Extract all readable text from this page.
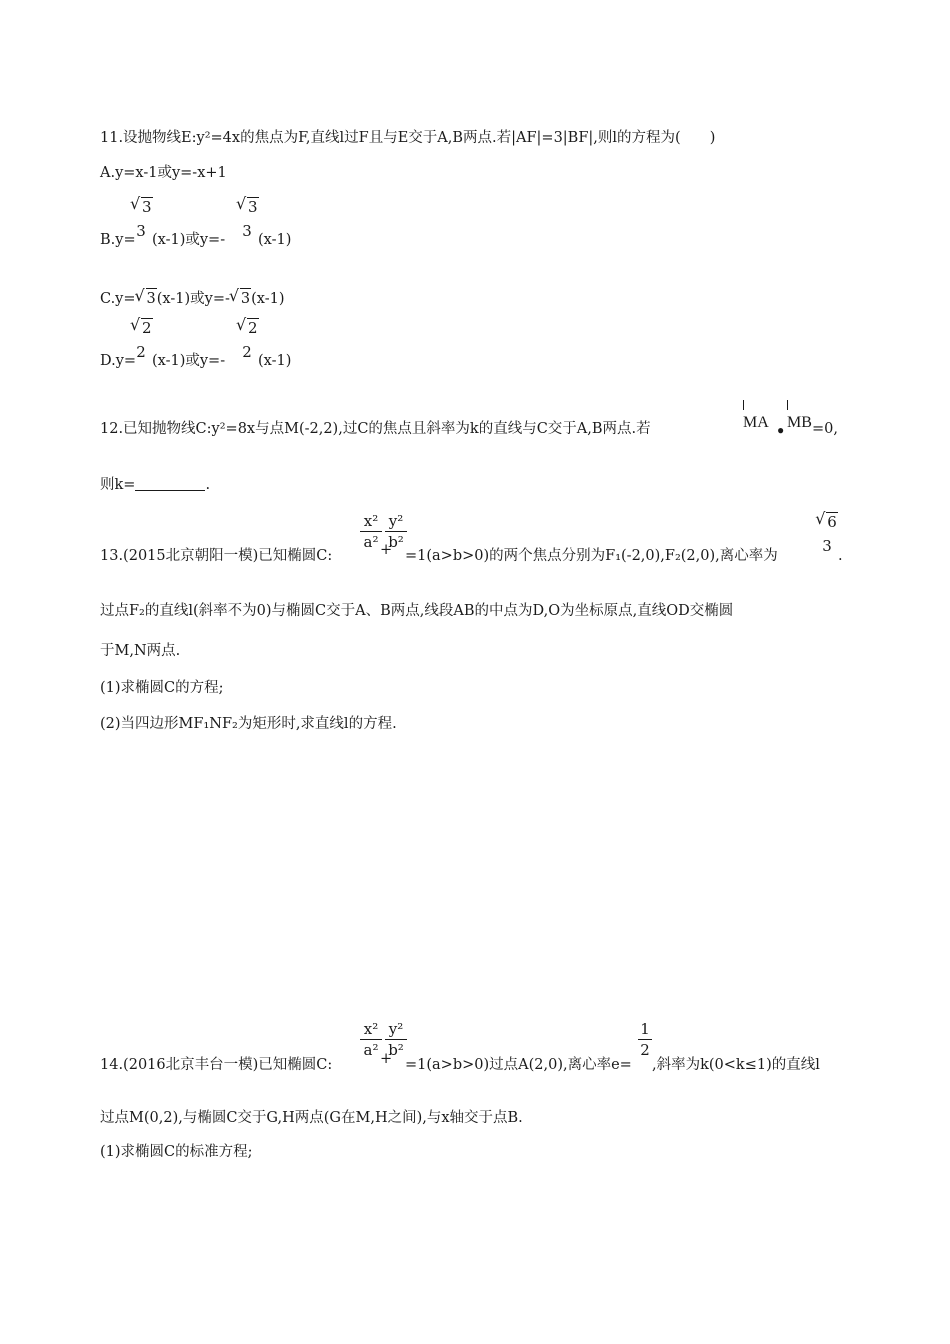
11.设抛物线E:y²=4x的焦点为F,直线l过F且与E交于A,B两点.若|AF|=3|BF|,则l的方程为(　　)
A.y=x-1或y=-x+1
B.y=
√ 3
3 (x-1)或y=-
√ 3
3 (x-1)
C.y= √ 3(x-1)或y=- √ 3(x-1)
D.y=
√ 2
2 (x-1)或y=-
√ 2
2 (x-1)
12.已知抛物线C:y²=8x与点M(-2,2),过C的焦点且斜率为k的直线与C交于A,B两点.若	MA
•
MB =0,
则k=	.
13.(2015北京朝阳一模)已知椭圆C:
x²
a² +
y²
b²
=1(a>b>0)的两个焦点分别为F₁(-2,0),F₂(2,0),离心率为
√ 6
3
.
过点F₂的直线l(斜率不为0)与椭圆C交于A、B两点,线段AB的中点为D,O为坐标原点,直线OD交椭圆
于M,N两点.
(1)求椭圆C的方程;
(2)当四边形MF₁NF₂为矩形时,求直线l的方程.
14.(2016北京丰台一模)已知椭圆C:
x²
a² +
y²
b²
=1(a>b>0)过点A(2,0),离心率e=
1
2
,斜率为k(0<k≤1)的直线l
过点M(0,2),与椭圆C交于G,H两点(G在M,H之间),与x轴交于点B.
(1)求椭圆C的标准方程;
